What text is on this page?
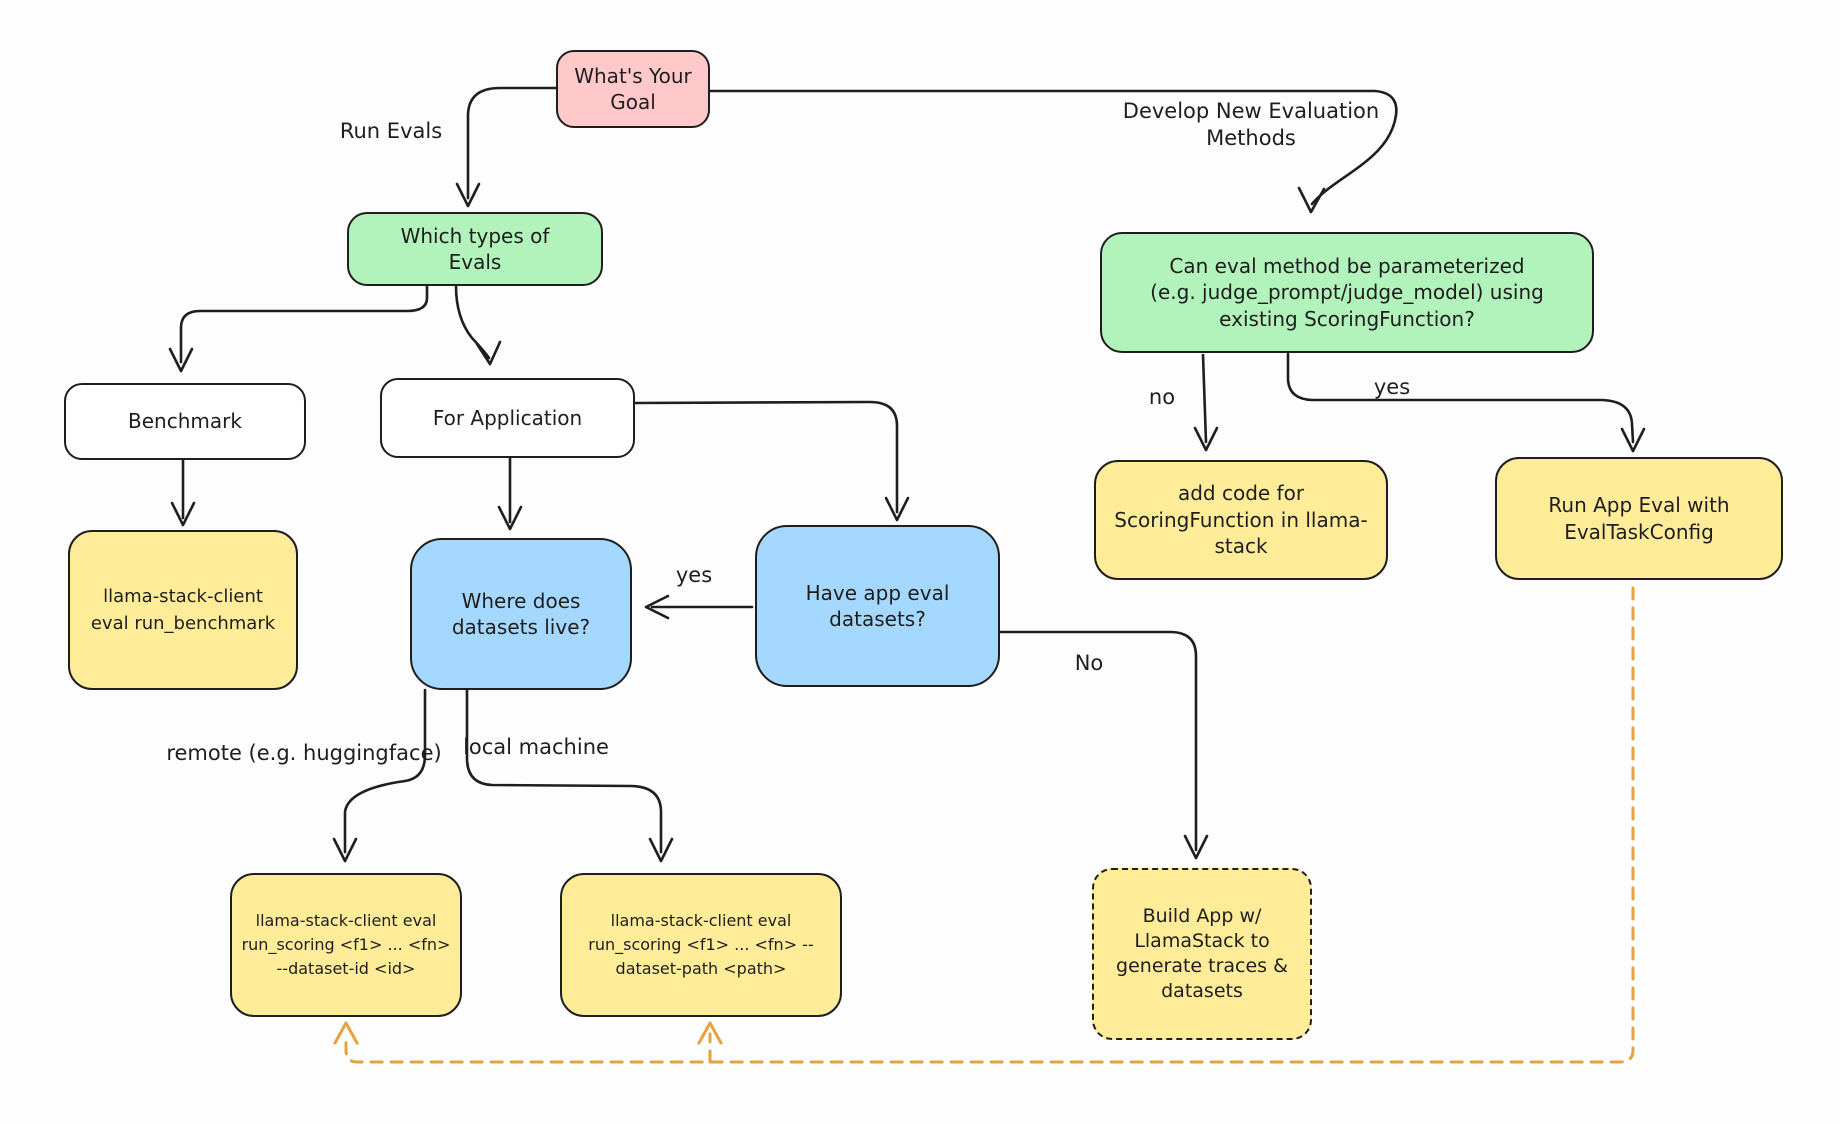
What's Your Goal
Which types of Evals
Benchmark	For Application
llama-stack-client eval run_benchmark
Where does datasets live?
Have app eval datasets?
Can eval method be parameterized (e.g. judge_prompt/judge_model) using existing ScoringFunction?
add code for ScoringFunction in llama-stack
Run App Eval with EvalTaskConfig
llama-stack-client eval run_scoring <f1> ... <fn> --dataset-id <id>
llama-stack-client eval run_scoring <f1> ... <fn> --dataset-path <path>
Build App w/ LlamaStack to generate traces & datasets
Run Evals
Develop New Evaluation Methods
no	yes
yes
No
remote (e.g. huggingface) local machine
